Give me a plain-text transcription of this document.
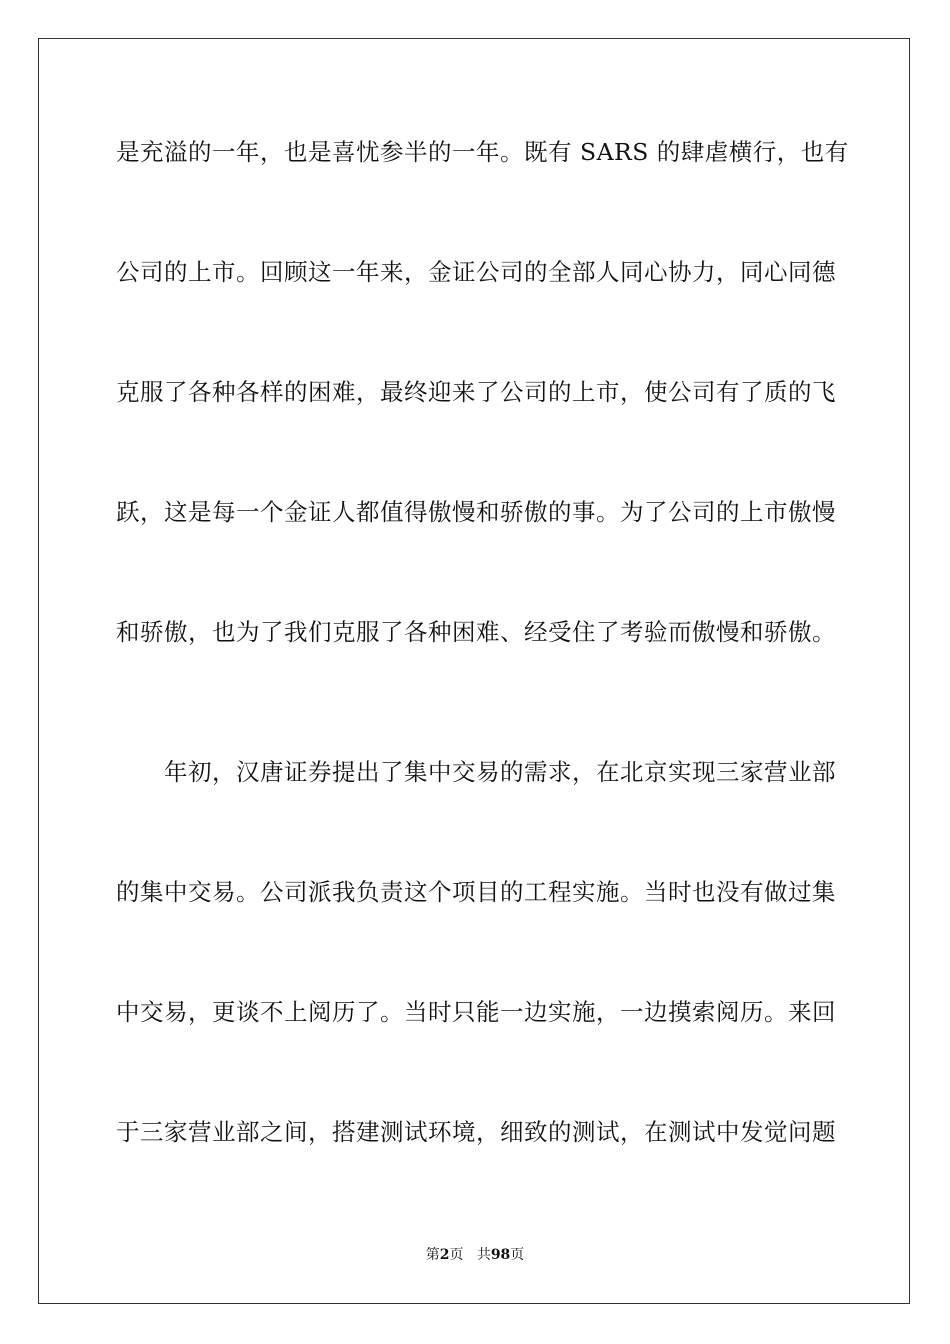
是充溢的一年，也是喜忧参半的一年。既有 SARS 的肆虐横行，也有
公司的上市。回顾这一年来，金证公司的全部人同心协力，同心同德
克服了各种各样的困难，最终迎来了公司的上市，使公司有了质的飞
跃，这是每一个金证人都值得傲慢和骄傲的事。为了公司的上市傲慢
和骄傲，也为了我们克服了各种困难、经受住了考验而傲慢和骄傲。
年初，汉唐证券提出了集中交易的需求，在北京实现三家营业部
的集中交易。公司派我负责这个项目的工程实施。当时也没有做过集
中交易，更谈不上阅历了。当时只能一边实施，一边摸索阅历。来回
于三家营业部之间，搭建测试环境，细致的测试，在测试中发觉问题
第2页 共98页
